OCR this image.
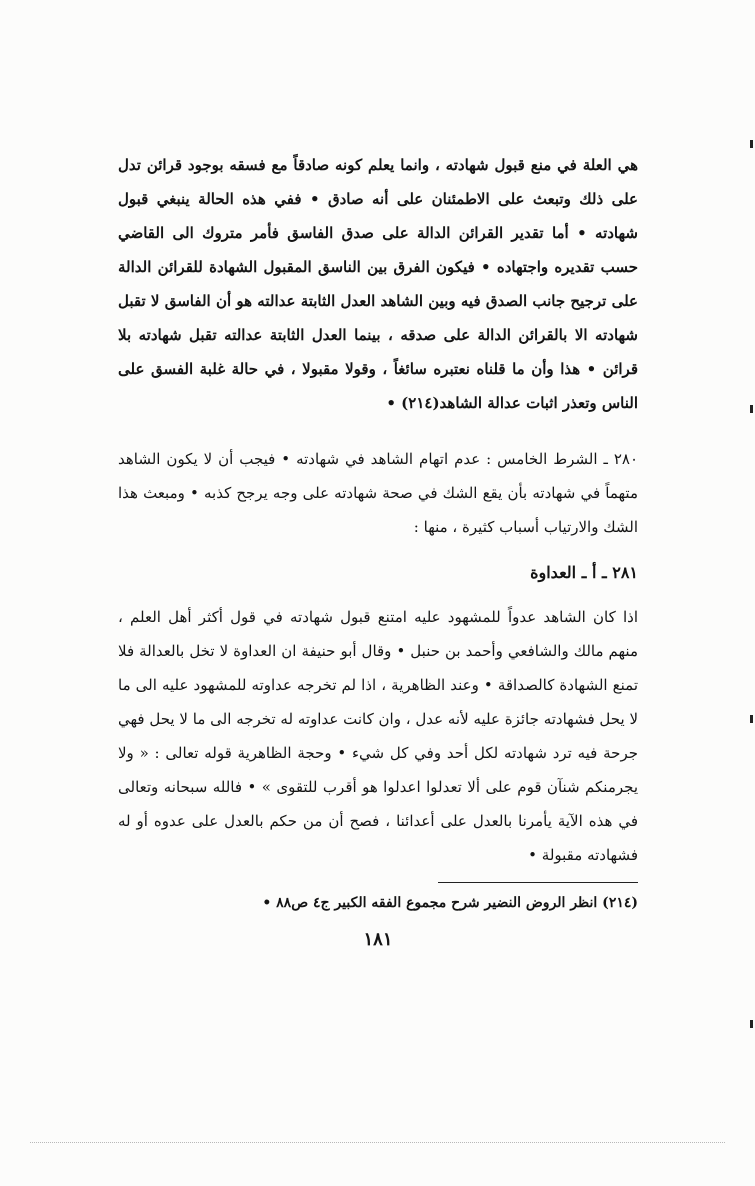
هي العلة في منع قبول شهادته ، وانما يعلم كونه صادقاً مع فسقه بوجود قرائن تدل على ذلك وتبعث على الاطمئنان على أنه صادق • ففي هذه الحالة ينبغي قبول شهادته • أما تقدير القرائن الدالة على صدق الفاسق فأمر متروك الى القاضي حسب تقديره واجتهاده • فيكون الفرق بين الناسق المقبول الشهادة للقرائن الدالة على ترجيح جانب الصدق فيه وبين الشاهد العدل الثابتة عدالته هو أن الفاسق لا تقبل شهادته الا بالقرائن الدالة على صدقه ، بينما العدل الثابتة عدالته تقبل شهادته بلا قرائن • هذا وأن ما قلناه نعتبره سائغاً ، وقولا مقبولا ، في حالة غلبة الفسق على الناس وتعذر اثبات عدالة الشاهد(٢١٤) •

٢٨٠ ـ الشرط الخامس : عدم اتهام الشاهد في شهادته • فيجب أن لا يكون الشاهد متهماً في شهادته بأن يقع الشك في صحة شهادته على وجه يرجح كذبه • ومبعث هذا الشك والارتياب أسباب كثيرة ، منها :

٢٨١ ـ أ ـ العداوة

اذا كان الشاهد عدواً للمشهود عليه امتنع قبول شهادته في قول أكثر أهل العلم ، منهم مالك والشافعي وأحمد بن حنبل • وقال أبو حنيفة ان العداوة لا تخل بالعدالة فلا تمنع الشهادة كالصداقة • وعند الظاهرية ، اذا لم تخرجه عداوته للمشهود عليه الى ما لا يحل فشهادته جائزة عليه لأنه عدل ، وان كانت عداوته له تخرجه الى ما لا يحل فهي جرحة فيه ترد شهادته لكل أحد وفي كل شيء • وحجة الظاهرية قوله تعالى : « ولا يجرمنكم شنآن قوم على ألا تعدلوا اعدلوا هو أقرب للتقوى » • فالله سبحانه وتعالى في هذه الآية يأمرنا بالعدل على أعدائنا ، فصح أن من حكم بالعدل على عدوه أو له فشهادته مقبولة •

(٢١٤) انظر الروض النضير شرح مجموع الفقه الكبير ج٤ ص٨٨ •

١٨١
